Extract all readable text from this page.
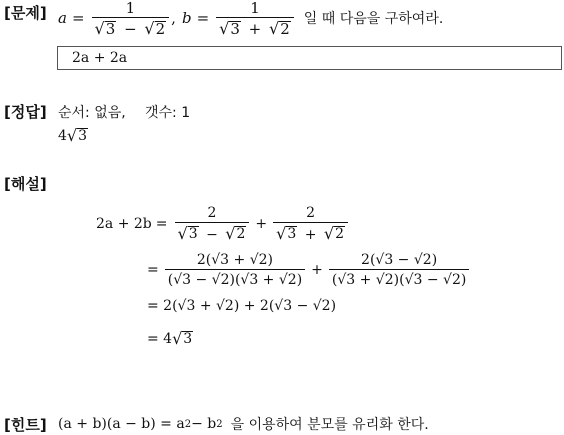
[문제] $a = \frac{1}{√ 3 - √ 2}$ , $b = \frac{1}{√ 3 + √ 2}$ 일 때 다음을 구하여라.
2a + 2a
[정답] 순서: 없음, 갯수: 1
4 √ 3
[해설]
$2a + 2b = \frac{2}{√ 3 - √ 2} + \frac{2}{√ 3 + √ 2}$
= $\frac{2(√3 + √2)}{(√3 - √2)(√3 + √2)} + \frac{2(√3 - √2)}{(√3 + √2)(√3 - √2)}$
= 2(√3 + √2) + 2(√3 − √2)
= 4 √ 3
[힌트] (a + b)(a − b) = a 2 − b 2 을 이용하여 분모를 유리화 한다.
